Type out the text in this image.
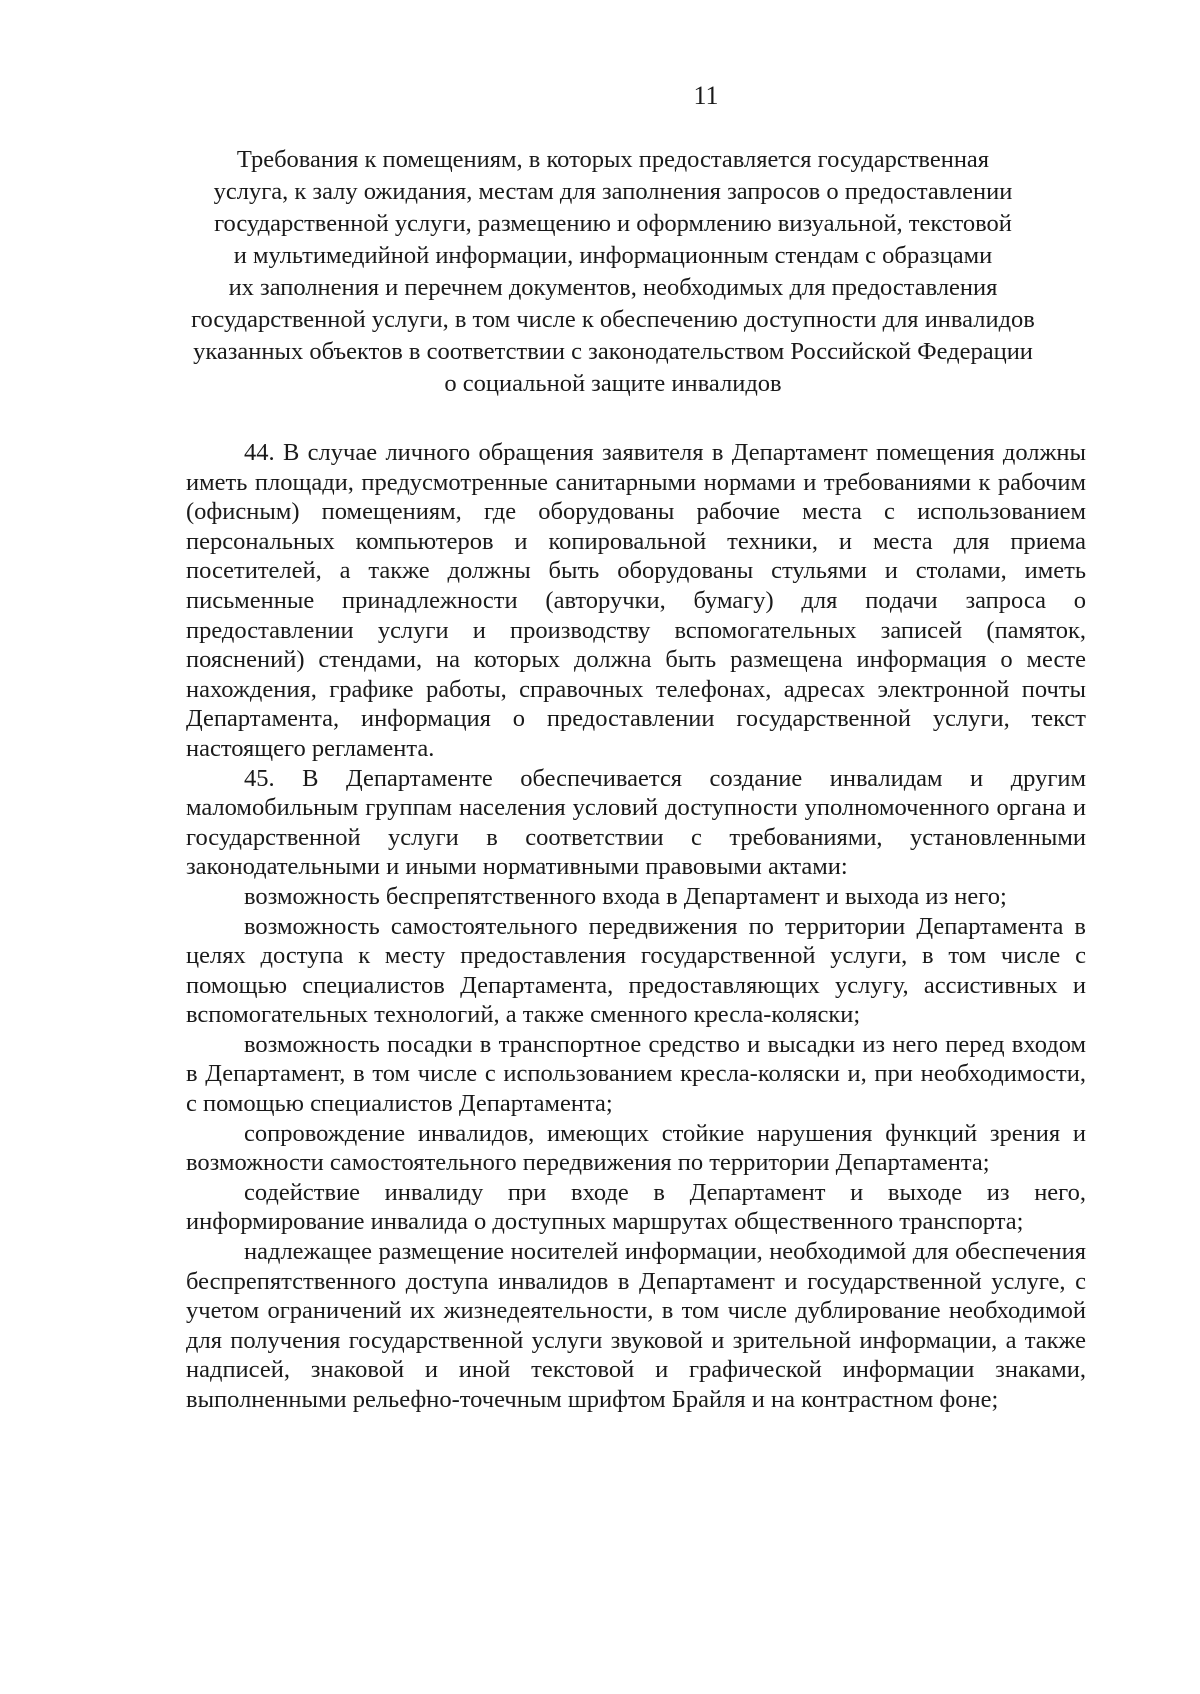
11
Требования к помещениям, в которых предоставляется государственная
услуга, к залу ожидания, местам для заполнения запросов о предоставлении
государственной услуги, размещению и оформлению визуальной, текстовой
и мультимедийной информации, информационным стендам с образцами
их заполнения и перечнем документов, необходимых для предоставления
государственной услуги, в том числе к обеспечению доступности для инвалидов
указанных объектов в соответствии с законодательством Российской Федерации
о социальной защите инвалидов

44. В случае личного обращения заявителя в Департамент помещения должны иметь площади, предусмотренные санитарными нормами и требованиями к рабочим (офисным) помещениям, где оборудованы рабочие места с использованием персональных компьютеров и копировальной техники, и места для приема посетителей, а также должны быть оборудованы стульями и столами, иметь письменные принадлежности (авторучки, бумагу) для подачи запроса о предоставлении услуги и производству вспомогательных записей (памяток, пояснений) стендами, на которых должна быть размещена информация о месте нахождения, графике работы, справочных телефонах, адресах электронной почты Департамента, информация о предоставлении государственной услуги, текст настоящего регламента.

45. В Департаменте обеспечивается создание инвалидам и другим маломобильным группам населения условий доступности уполномоченного органа и государственной услуги в соответствии с требованиями, установленными законодательными и иными нормативными правовыми актами:

возможность беспрепятственного входа в Департамент и выхода из него;

возможность самостоятельного передвижения по территории Департамента в целях доступа к месту предоставления государственной услуги, в том числе с помощью специалистов Департамента, предоставляющих услугу, ассистивных и вспомогательных технологий, а также сменного кресла-коляски;

возможность посадки в транспортное средство и высадки из него перед входом в Департамент, в том числе с использованием кресла-коляски и, при необходимости, с помощью специалистов Департамента;

сопровождение инвалидов, имеющих стойкие нарушения функций зрения и возможности самостоятельного передвижения по территории Департамента;

содействие инвалиду при входе в Департамент и выходе из него, информирование инвалида о доступных маршрутах общественного транспорта;

надлежащее размещение носителей информации, необходимой для обеспечения беспрепятственного доступа инвалидов в Департамент и государственной услуге, с учетом ограничений их жизнедеятельности, в том числе дублирование необходимой для получения государственной услуги звуковой и зрительной информации, а также надписей, знаковой и иной текстовой и графической информации знаками, выполненными рельефно-точечным шрифтом Брайля и на контрастном фоне;
